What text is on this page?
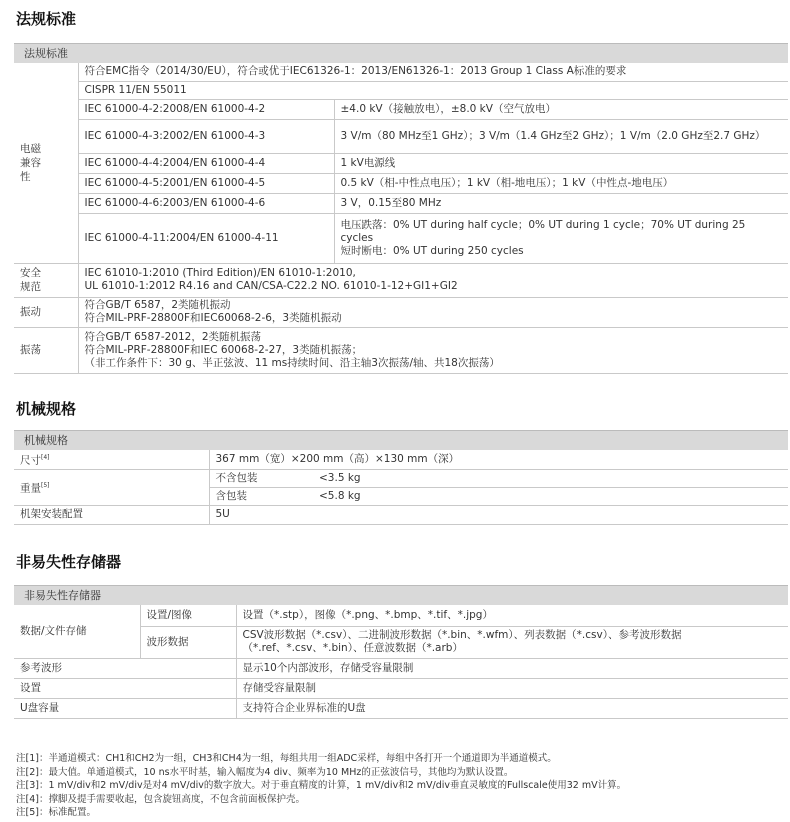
法规标准
法规标准
电磁兼容性	符合EMC指令（2014/30/EU），符合或优于IEC61326-1：2013/EN61326-1：2013 Group 1 Class A标准的要求	
	CISPR 11/EN 55011	
	IEC 61000-4-2:2008/EN 61000-4-2	±4.0 kV（接触放电），±8.0 kV（空气放电）
	IEC 61000-4-3:2002/EN 61000-4-3	3 V/m（80 MHz至1 GHz）；3 V/m（1.4 GHz至2 GHz）；1 V/m（2.0 GHz至2.7 GHz）
	IEC 61000-4-4:2004/EN 61000-4-4	1 kV电源线
	IEC 61000-4-5:2001/EN 61000-4-5	0.5 kV（相-中性点电压）；1 kV（相-地电压）；1 kV（中性点-地电压）
	IEC 61000-4-6:2003/EN 61000-4-6	3 V，0.15至80 MHz
	IEC 61000-4-11:2004/EN 61000-4-11	电压跌落：0% UT during half cycle；0% UT during 1 cycle；70% UT during 25
cycles
短时断电：0% UT during 250 cycles

安全规范	IEC 61010-1:2010 (Third Edition)/EN 61010-1:2010,
UL 61010-1:2012 R4.16 and CAN/CSA-C22.2 NO. 61010-1-12+GI1+GI2	

振动	符合GB/T 6587，2类随机振动
符合MIL-PRF-28800F和IEC60068-2-6，3类随机振动	

振荡	符合GB/T 6587-2012，2类随机振荡
符合MIL-PRF-28800F和IEC 60068-2-27，3类随机振荡；
（非工作条件下：30 g、半正弦波、11 ms持续时间、沿主轴3次振荡/轴、共18次振荡）	
机械规格
机械规格
尺寸[4]	367 mm（宽）×200 mm（高）×130 mm（深）	
重量[5]	不含包装	<3.5 kg
	含包装	<5.8 kg
机架安装配置	5U	
非易失性存储器
非易失性存储器
数据/文件存储	设置/图像	设置（*.stp），图像（*.png、*.bmp、*.tif、*.jpg）
	波形数据	CSV波形数据（*.csv）、二进制波形数据（*.bin、*.wfm）、列表数据（*.csv）、参考波形数据
（*.ref、*.csv、*.bin）、任意波数据（*.arb）

参考波形		显示10个内部波形，存储受容量限制
设置		存储受容量限制
U盘容量		支持符合企业界标准的U盘
注[1]：半通道模式：CH1和CH2为一组，CH3和CH4为一组，每组共用一组ADC采样，每组中各打开一个通道即为半通道模式。
注[2]：最大值。单通道模式，10 ns水平时基，输入幅度为4 div、频率为10 MHz的正弦波信号，其他均为默认设置。
注[3]：1 mV/div和2 mV/div是对4 mV/div的数字放大。对于垂直精度的计算，1 mV/div和2 mV/div垂直灵敏度的Fullscale使用32 mV计算。
注[4]：撑脚及提手需要收起，包含旋钮高度，不包含前面板保护壳。
注[5]：标准配置。
